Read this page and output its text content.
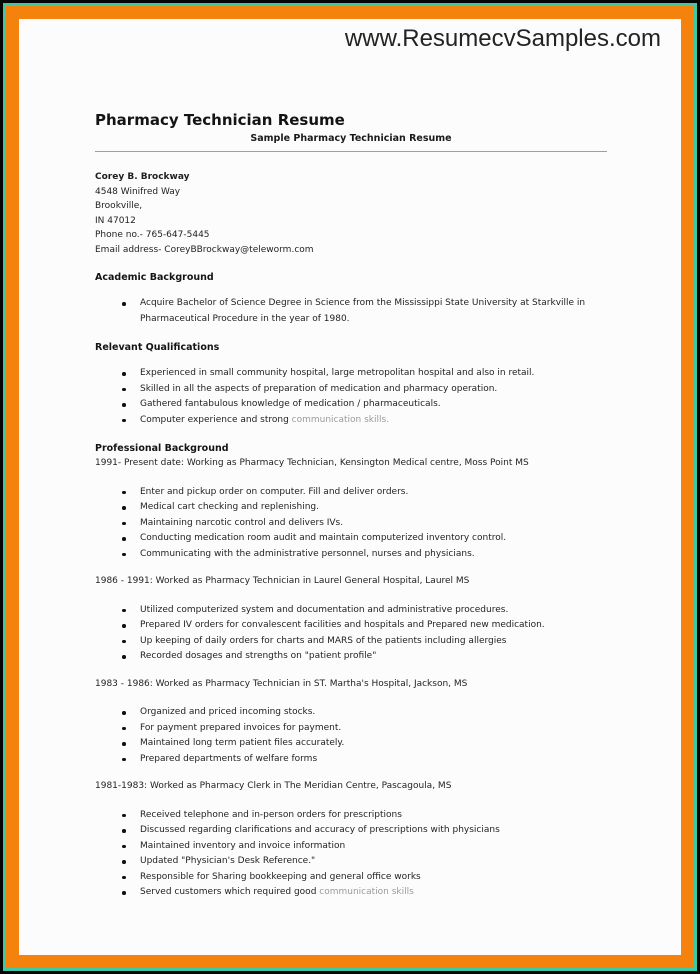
www.ResumecvSamples.com
Pharmacy Technician Resume
Sample Pharmacy Technician Resume
Corey B. Brockway
4548 Winifred Way
Brookville,
IN 47012
Phone no.- 765-647-5445
Email address- CoreyBBrockway@teleworm.com
Academic Background
Acquire Bachelor of Science Degree in Science from the Mississippi State University at Starkville in Pharmaceutical Procedure in the year of 1980.
Relevant Qualifications
Experienced in small community hospital, large metropolitan hospital and also in retail.
Skilled in all the aspects of preparation of medication and pharmacy operation.
Gathered fantabulous knowledge of medication / pharmaceuticals.
Computer experience and strong communication skills.
Professional Background
1991- Present date: Working as Pharmacy Technician, Kensington Medical centre, Moss Point MS
Enter and pickup order on computer. Fill and deliver orders.
Medical cart checking and replenishing.
Maintaining narcotic control and delivers IVs.
Conducting medication room audit and maintain computerized inventory control.
Communicating with the administrative personnel, nurses and physicians.
1986 - 1991: Worked as Pharmacy Technician in Laurel General Hospital, Laurel MS
Utilized computerized system and documentation and administrative procedures.
Prepared IV orders for convalescent facilities and hospitals and Prepared new medication.
Up keeping of daily orders for charts and MARS of the patients including allergies
Recorded dosages and strengths on "patient profile"
1983 - 1986: Worked as Pharmacy Technician in ST. Martha's Hospital, Jackson, MS
Organized and priced incoming stocks.
For payment prepared invoices for payment.
Maintained long term patient files accurately.
Prepared departments of welfare forms
1981-1983: Worked as Pharmacy Clerk in The Meridian Centre, Pascagoula, MS
Received telephone and in-person orders for prescriptions
Discussed regarding clarifications and accuracy of prescriptions with physicians
Maintained inventory and invoice information
Updated "Physician's Desk Reference."
Responsible for Sharing bookkeeping and general office works
Served customers which required good communication skills
